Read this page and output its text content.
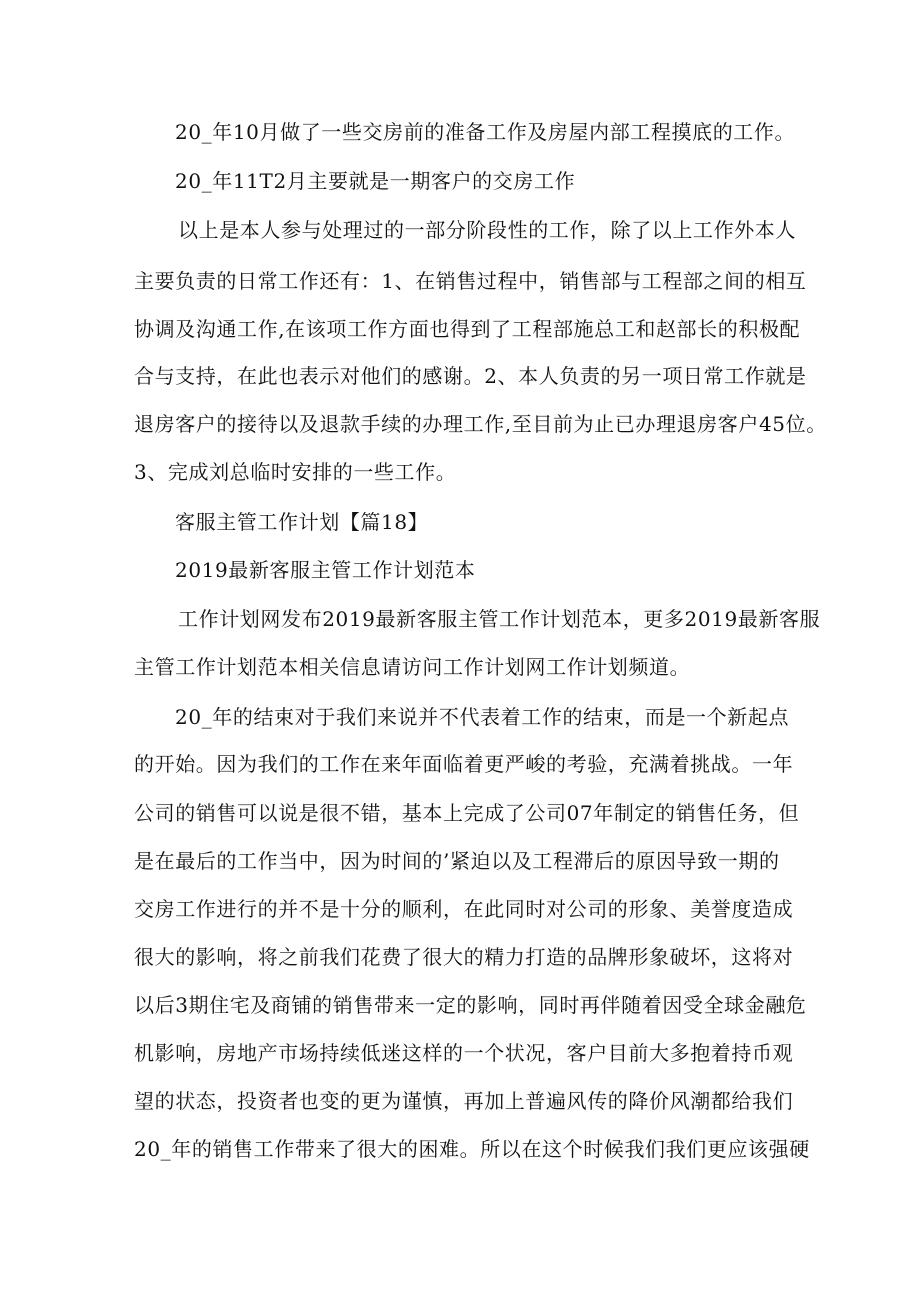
20_年10月做了一些交房前的准备工作及房屋内部工程摸底的工作。
20_年11T2月主要就是一期客户的交房工作
以上是本人参与处理过的一部分阶段性的工作，除了以上工作外本人
主要负责的日常工作还有：1、在销售过程中，销售部与工程部之间的相互
协调及沟通工作,在该项工作方面也得到了工程部施总工和赵部长的积极配
合与支持，在此也表示对他们的感谢。2、本人负责的另一项日常工作就是
退房客户的接待以及退款手续的办理工作,至目前为止已办理退房客户45位。
3、完成刘总临时安排的一些工作。
客服主管工作计划【篇18】
2019最新客服主管工作计划范本
工作计划网发布2019最新客服主管工作计划范本，更多2019最新客服
主管工作计划范本相关信息请访问工作计划网工作计划频道。
20_年的结束对于我们来说并不代表着工作的结束，而是一个新起点
的开始。因为我们的工作在来年面临着更严峻的考验，充满着挑战。一年
公司的销售可以说是很不错，基本上完成了公司07年制定的销售任务，但
是在最后的工作当中，因为时间的’紧迫以及工程滞后的原因导致一期的
交房工作进行的并不是十分的顺利，在此同时对公司的形象、美誉度造成
很大的影响，将之前我们花费了很大的精力打造的品牌形象破坏，这将对
以后3期住宅及商铺的销售带来一定的影响，同时再伴随着因受全球金融危
机影响，房地产市场持续低迷这样的一个状况，客户目前大多抱着持币观
望的状态，投资者也变的更为谨慎，再加上普遍风传的降价风潮都给我们
20_年的销售工作带来了很大的困难。所以在这个时候我们我们更应该强硬
